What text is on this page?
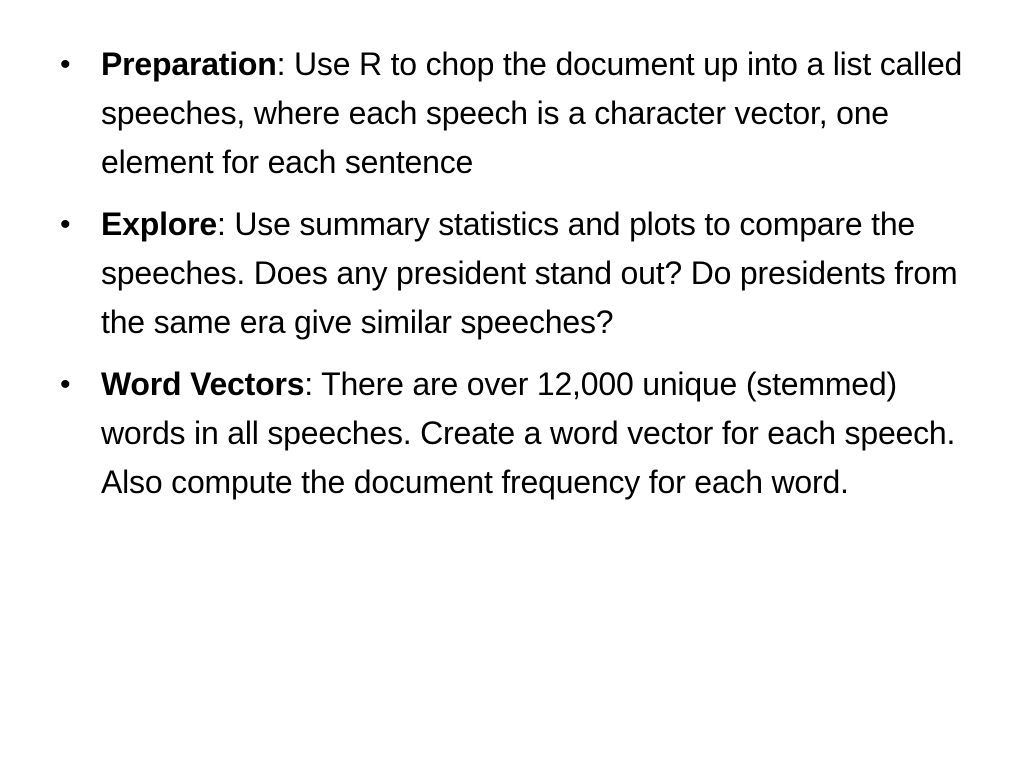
• Preparation: Use R to chop the document up into a list called speeches, where each speech is a character vector, one element for each sentence
• Explore: Use summary statistics and plots to compare the speeches. Does any president stand out? Do presidents from the same era give similar speeches?
• Word Vectors: There are over 12,000 unique (stemmed) words in all speeches. Create a word vector for each speech. Also compute the document frequency for each word.
